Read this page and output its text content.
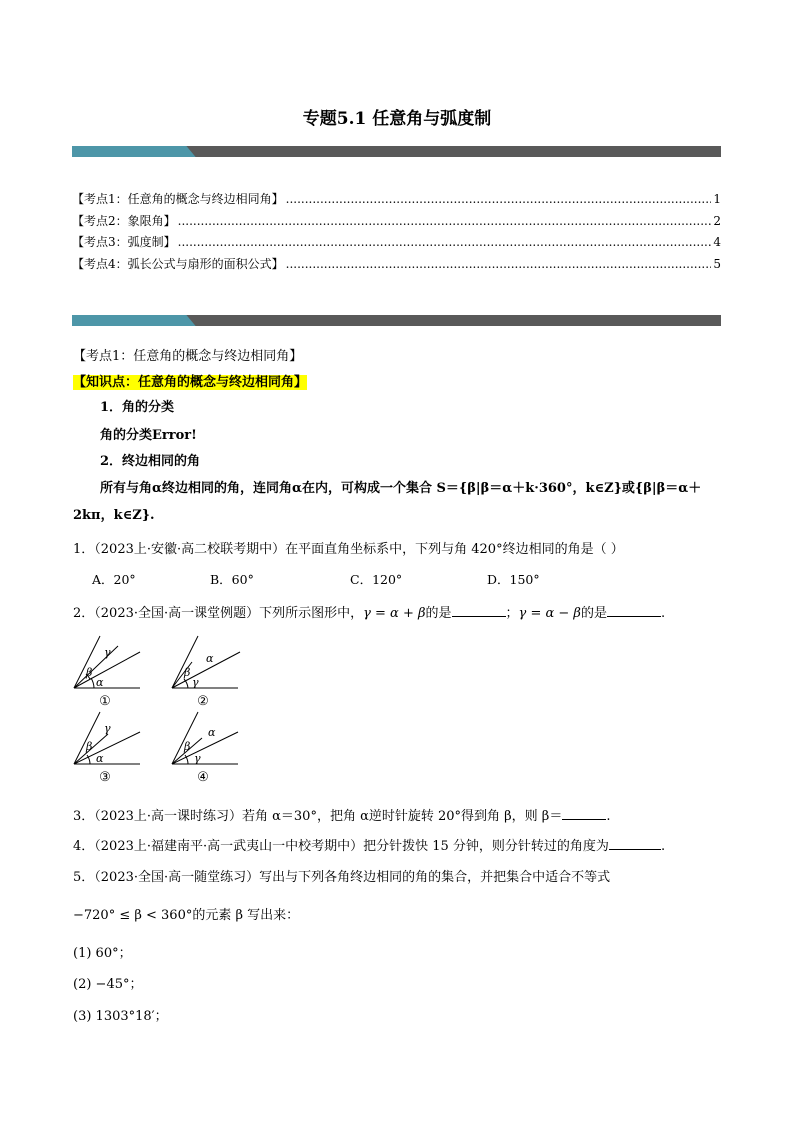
专题5.1 任意角与弧度制
【考点1：任意角的概念与终边相同角】 .....	1
【考点2：象限角】 .....	2
【考点3：弧度制】 .....	4
【考点4：弧长公式与扇形的面积公式】 .....	5
【考点1：任意角的概念与终边相同角】
【知识点：任意角的概念与终边相同角】
1．角的分类
角的分类Error!
2．终边相同的角
所有与角α终边相同的角，连同角α在内，可构成一个集合 S＝{β|β＝α＋k·360°，k∈Z}或{β|β＝α＋
2kπ，k∈Z}.
1．（2023上·安徽·高二校联考期中）在平面直角坐标系中，下列与角 420°终边相同的角是（ ）
A．20°	B．60°	C．120°	D．150°
2．（2023·全国·高一课堂例题）下列所示图形中，γ = α + β的是	；γ = α − β的是	.
γ
β
α
α
β
γ
γ
β
α
α
β
γ
①	②
③	④
3．（2023上·高一课时练习）若角 α＝30°，把角 α逆时针旋转 20°得到角 β，则 β＝	.
4．（2023上·福建南平·高一武夷山一中校考期中）把分针拨快 15 分钟，则分针转过的角度为	.
5．（2023·全国·高一随堂练习）写出与下列各角终边相同的角的集合，并把集合中适合不等式
−720° ≤ β < 360°的元素 β 写出来：
(1) 60°；
(2) −45°；
(3) 1303°18′；
